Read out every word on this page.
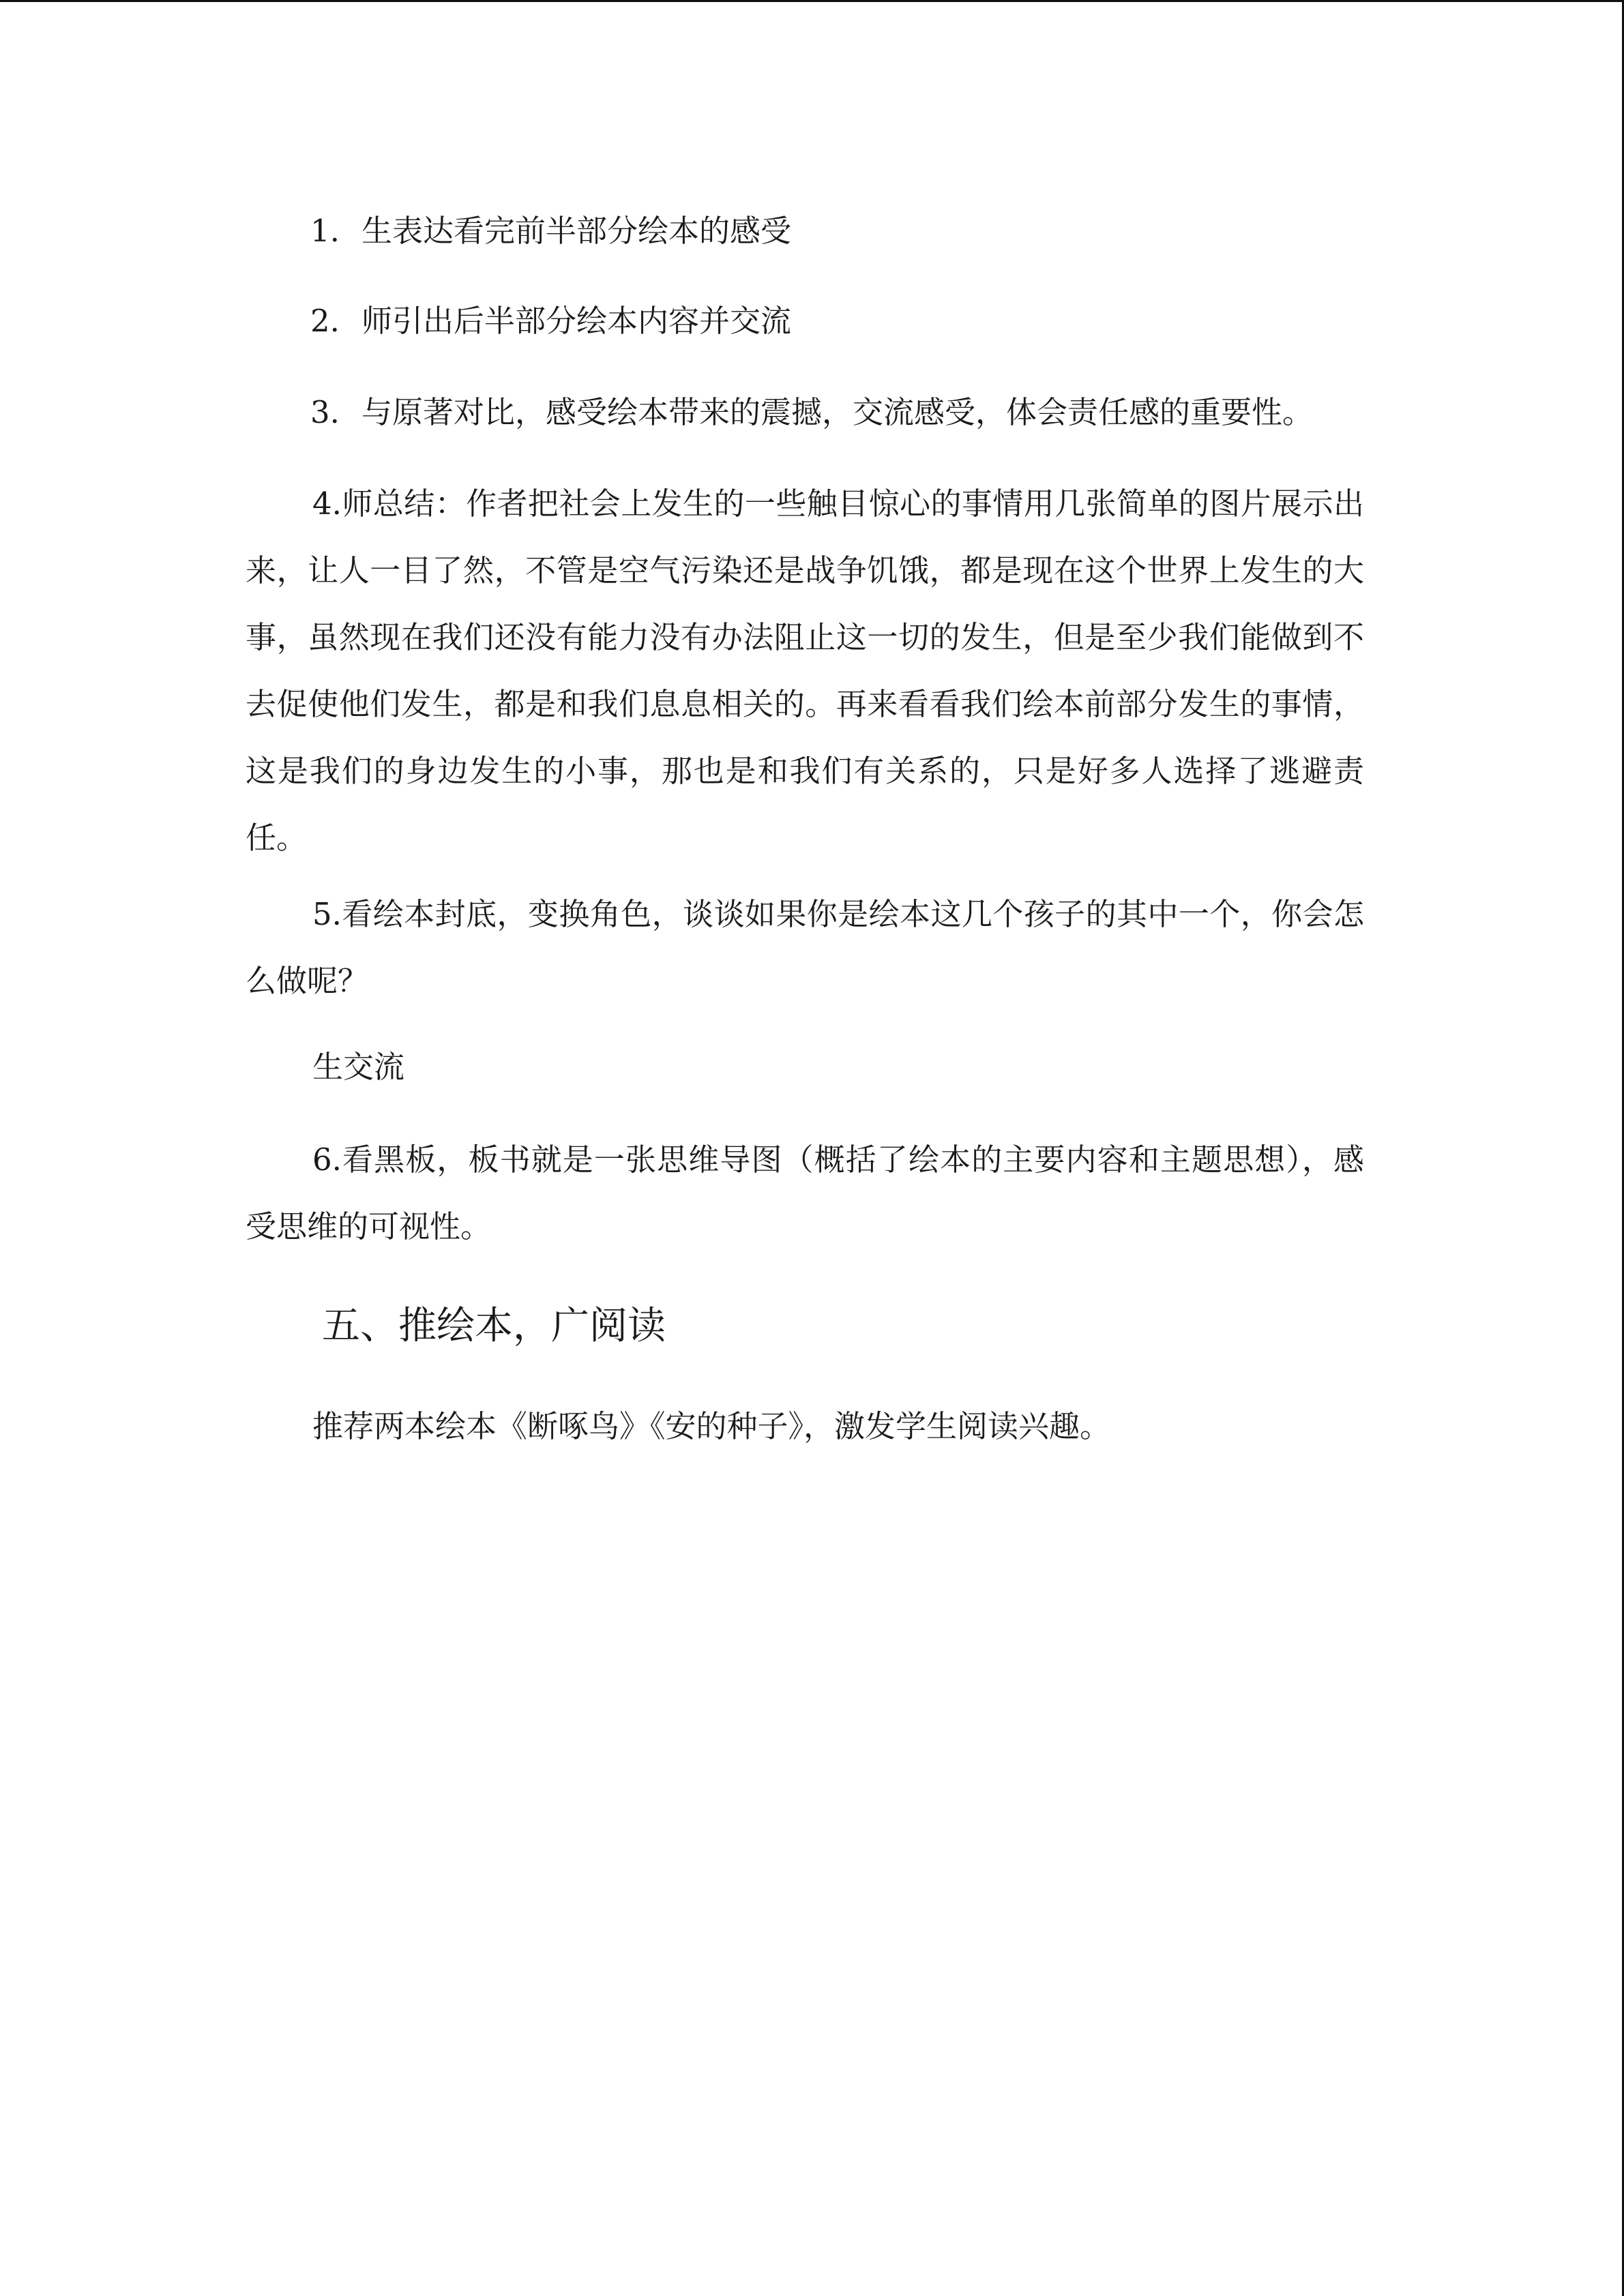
1. 生表达看完前半部分绘本的感受

2. 师引出后半部分绘本内容并交流

3. 与原著对比，感受绘本带来的震撼，交流感受，体会责任感的重要性。

4.师总结：作者把社会上发生的一些触目惊心的事情用几张简单的图片展示出来，让人一目了然，不管是空气污染还是战争饥饿，都是现在这个世界上发生的大事，虽然现在我们还没有能力没有办法阻止这一切的发生，但是至少我们能做到不去促使他们发生，都是和我们息息相关的。再来看看我们绘本前部分发生的事情，这是我们的身边发生的小事，那也是和我们有关系的，只是好多人选择了逃避责任。

5.看绘本封底，变换角色，谈谈如果你是绘本这几个孩子的其中一个，你会怎么做呢？

生交流

6.看黑板，板书就是一张思维导图（概括了绘本的主要内容和主题思想），感受思维的可视性。

五、推绘本，广阅读

推荐两本绘本《断啄鸟》《安的种子》，激发学生阅读兴趣。
